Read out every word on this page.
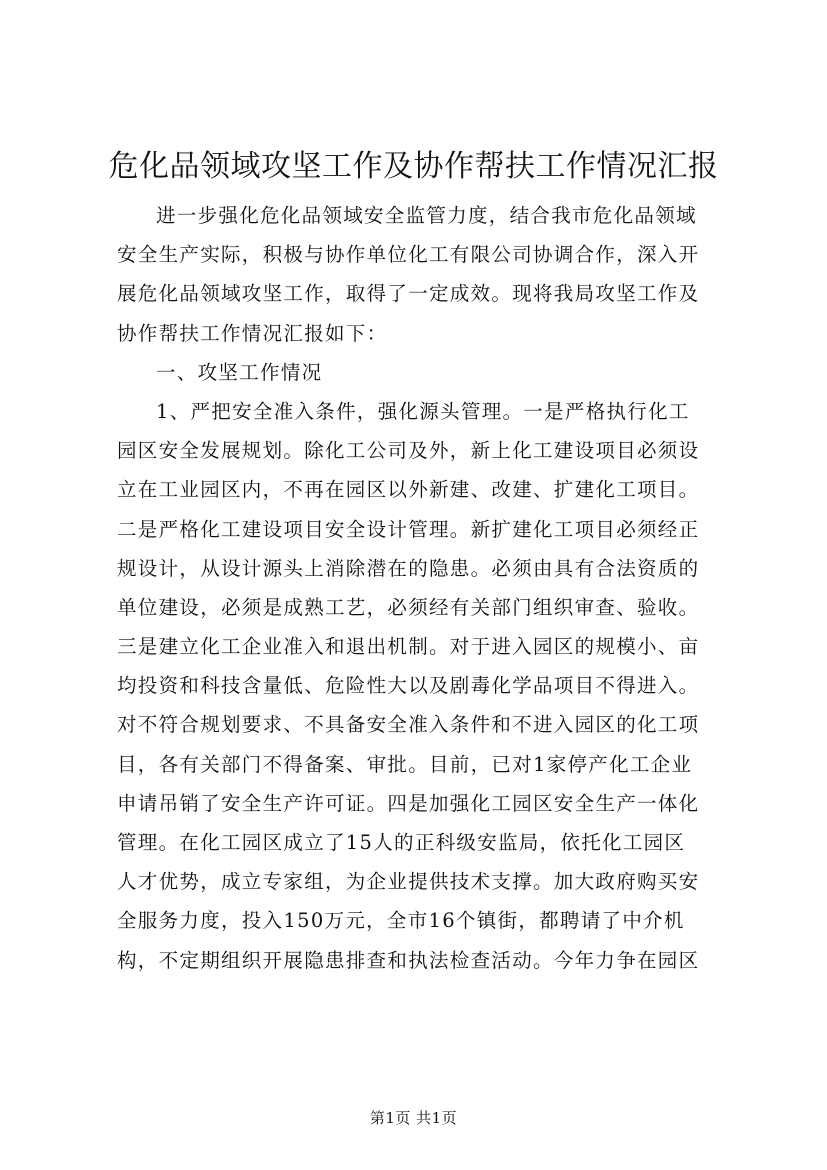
危化品领域攻坚工作及协作帮扶工作情况汇报
进一步强化危化品领域安全监管力度，结合我市危化品领域
安全生产实际，积极与协作单位化工有限公司协调合作，深入开
展危化品领域攻坚工作，取得了一定成效。现将我局攻坚工作及
协作帮扶工作情况汇报如下：
一、攻坚工作情况
1、严把安全准入条件，强化源头管理。一是严格执行化工
园区安全发展规划。除化工公司及外，新上化工建设项目必须设
立在工业园区内，不再在园区以外新建、改建、扩建化工项目。
二是严格化工建设项目安全设计管理。新扩建化工项目必须经正
规设计，从设计源头上消除潜在的隐患。必须由具有合法资质的
单位建设，必须是成熟工艺，必须经有关部门组织审查、验收。
三是建立化工企业准入和退出机制。对于进入园区的规模小、亩
均投资和科技含量低、危险性大以及剧毒化学品项目不得进入。
对不符合规划要求、不具备安全准入条件和不进入园区的化工项
目，各有关部门不得备案、审批。目前，已对1家停产化工企业
申请吊销了安全生产许可证。四是加强化工园区安全生产一体化
管理。在化工园区成立了15人的正科级安监局，依托化工园区
人才优势，成立专家组，为企业提供技术支撑。加大政府购买安
全服务力度，投入150万元，全市16个镇街，都聘请了中介机
构，不定期组织开展隐患排查和执法检查活动。今年力争在园区
第1页 共1页
